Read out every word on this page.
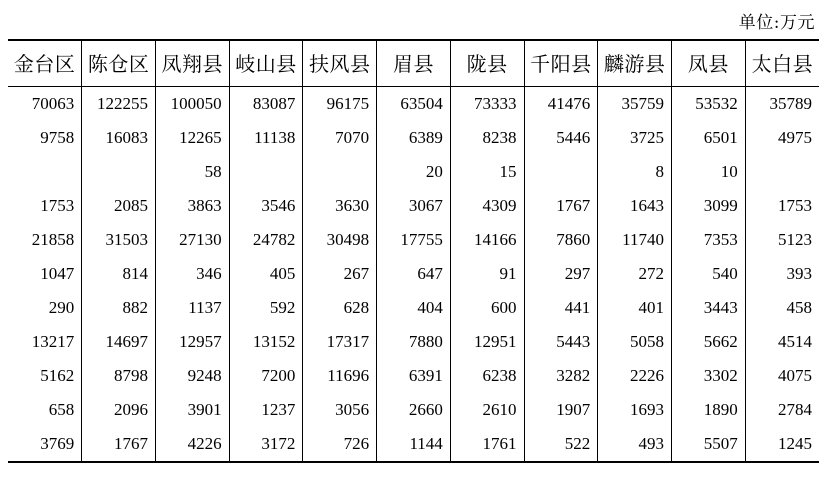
单位:万元
金台区	陈仓区	凤翔县	岐山县	扶风县	眉县	陇县	千阳县	麟游县	凤县	太白县
70063	122255	100050	83087	96175	63504	73333	41476	35759	53532	35789
9758	16083	12265	11138	7070	6389	8238	5446	3725	6501	4975
		58			20	15		8	10	
1753	2085	3863	3546	3630	3067	4309	1767	1643	3099	1753
21858	31503	27130	24782	30498	17755	14166	7860	11740	7353	5123
1047	814	346	405	267	647	91	297	272	540	393
290	882	1137	592	628	404	600	441	401	3443	458
13217	14697	12957	13152	17317	7880	12951	5443	5058	5662	4514
5162	8798	9248	7200	11696	6391	6238	3282	2226	3302	4075
658	2096	3901	1237	3056	2660	2610	1907	1693	1890	2784
3769	1767	4226	3172	726	1144	1761	522	493	5507	1245
